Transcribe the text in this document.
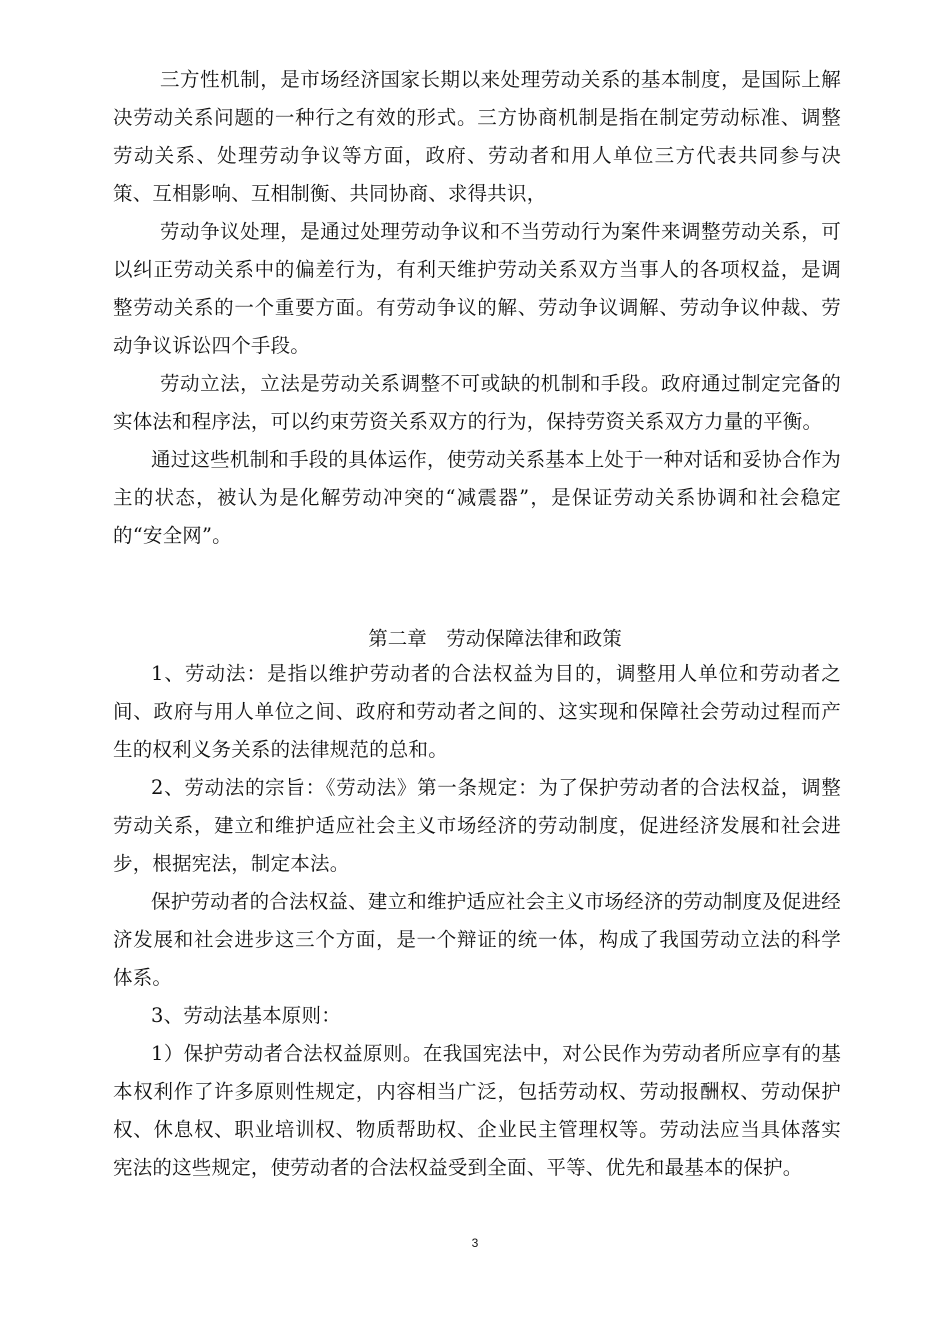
三方性机制，是市场经济国家长期以来处理劳动关系的基本制度，是国际上解决劳动关系问题的一种行之有效的形式。三方协商机制是指在制定劳动标准、调整劳动关系、处理劳动争议等方面，政府、劳动者和用人单位三方代表共同参与决策、互相影响、互相制衡、共同协商、求得共识，

劳动争议处理，是通过处理劳动争议和不当劳动行为案件来调整劳动关系，可以纠正劳动关系中的偏差行为，有利天维护劳动关系双方当事人的各项权益，是调整劳动关系的一个重要方面。有劳动争议的解、劳动争议调解、劳动争议仲裁、劳动争议诉讼四个手段。

劳动立法，立法是劳动关系调整不可或缺的机制和手段。政府通过制定完备的实体法和程序法，可以约束劳资关系双方的行为，保持劳资关系双方力量的平衡。

通过这些机制和手段的具体运作，使劳动关系基本上处于一种对话和妥协合作为主的状态，被认为是化解劳动冲突的“减震器”，是保证劳动关系协调和社会稳定的“安全网”。

第二章　劳动保障法律和政策

1、劳动法：是指以维护劳动者的合法权益为目的，调整用人单位和劳动者之间、政府与用人单位之间、政府和劳动者之间的、这实现和保障社会劳动过程而产生的权利义务关系的法律规范的总和。

2、劳动法的宗旨：《劳动法》第一条规定：为了保护劳动者的合法权益，调整劳动关系，建立和维护适应社会主义市场经济的劳动制度，促进经济发展和社会进步，根据宪法，制定本法。

保护劳动者的合法权益、建立和维护适应社会主义市场经济的劳动制度及促进经济发展和社会进步这三个方面，是一个辩证的统一体，构成了我国劳动立法的科学体系。

3、劳动法基本原则：

1）保护劳动者合法权益原则。在我国宪法中，对公民作为劳动者所应享有的基本权利作了许多原则性规定，内容相当广泛，包括劳动权、劳动报酬权、劳动保护权、休息权、职业培训权、物质帮助权、企业民主管理权等。劳动法应当具体落实宪法的这些规定，使劳动者的合法权益受到全面、平等、优先和最基本的保护。

3
